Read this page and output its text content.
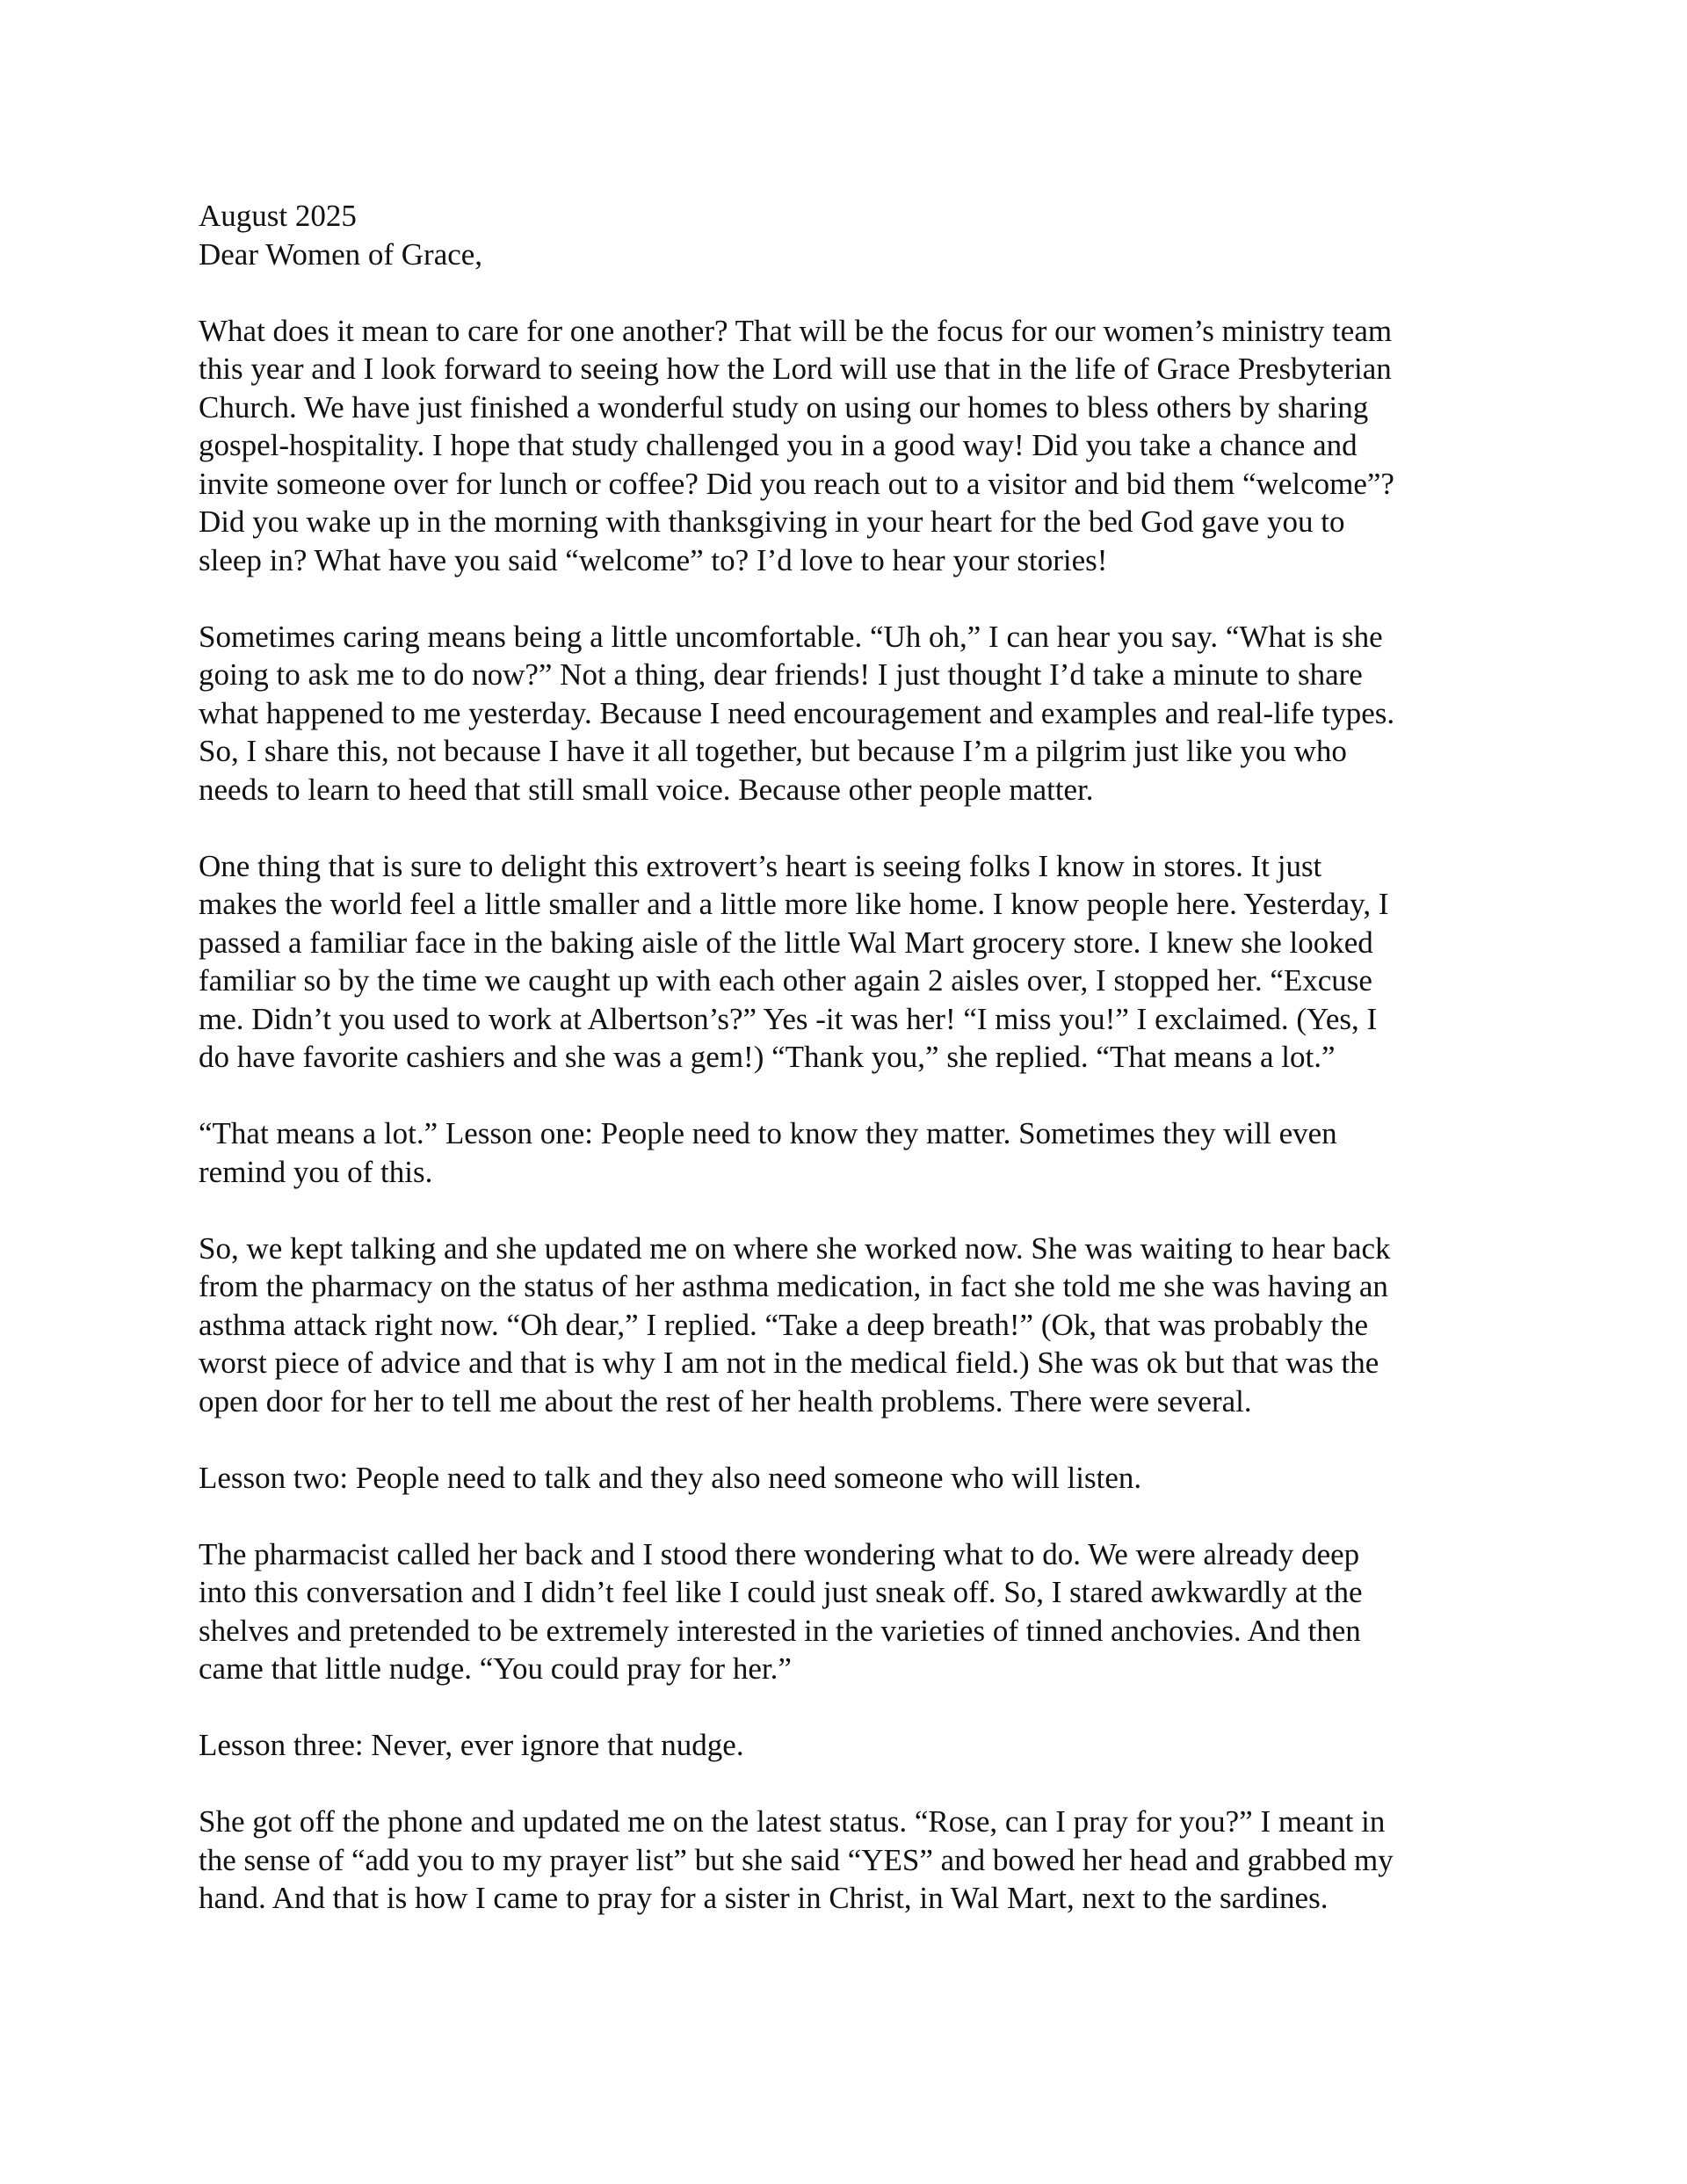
August 2025
Dear Women of Grace,
What does it mean to care for one another? That will be the focus for our women’s ministry team
this year and I look forward to seeing how the Lord will use that in the life of Grace Presbyterian
Church. We have just finished a wonderful study on using our homes to bless others by sharing
gospel-hospitality. I hope that study challenged you in a good way! Did you take a chance and
invite someone over for lunch or coffee? Did you reach out to a visitor and bid them “welcome”?
Did you wake up in the morning with thanksgiving in your heart for the bed God gave you to
sleep in? What have you said “welcome” to? I’d love to hear your stories!
Sometimes caring means being a little uncomfortable. “Uh oh,” I can hear you say. “What is she
going to ask me to do now?” Not a thing, dear friends! I just thought I’d take a minute to share
what happened to me yesterday. Because I need encouragement and examples and real-life types.
So, I share this, not because I have it all together, but because I’m a pilgrim just like you who
needs to learn to heed that still small voice. Because other people matter.
One thing that is sure to delight this extrovert’s heart is seeing folks I know in stores. It just
makes the world feel a little smaller and a little more like home. I know people here. Yesterday, I
passed a familiar face in the baking aisle of the little Wal Mart grocery store. I knew she looked
familiar so by the time we caught up with each other again 2 aisles over, I stopped her. “Excuse
me. Didn’t you used to work at Albertson’s?” Yes -it was her! “I miss you!” I exclaimed. (Yes, I
do have favorite cashiers and she was a gem!) “Thank you,” she replied. “That means a lot.”
“That means a lot.” Lesson one: People need to know they matter. Sometimes they will even
remind you of this.
So, we kept talking and she updated me on where she worked now. She was waiting to hear back
from the pharmacy on the status of her asthma medication, in fact she told me she was having an
asthma attack right now. “Oh dear,” I replied. “Take a deep breath!” (Ok, that was probably the
worst piece of advice and that is why I am not in the medical field.) She was ok but that was the
open door for her to tell me about the rest of her health problems. There were several.
Lesson two: People need to talk and they also need someone who will listen.
The pharmacist called her back and I stood there wondering what to do. We were already deep
into this conversation and I didn’t feel like I could just sneak off. So, I stared awkwardly at the
shelves and pretended to be extremely interested in the varieties of tinned anchovies. And then
came that little nudge. “You could pray for her.”
Lesson three: Never, ever ignore that nudge.
She got off the phone and updated me on the latest status. “Rose, can I pray for you?” I meant in
the sense of “add you to my prayer list” but she said “YES” and bowed her head and grabbed my
hand. And that is how I came to pray for a sister in Christ, in Wal Mart, next to the sardines.
